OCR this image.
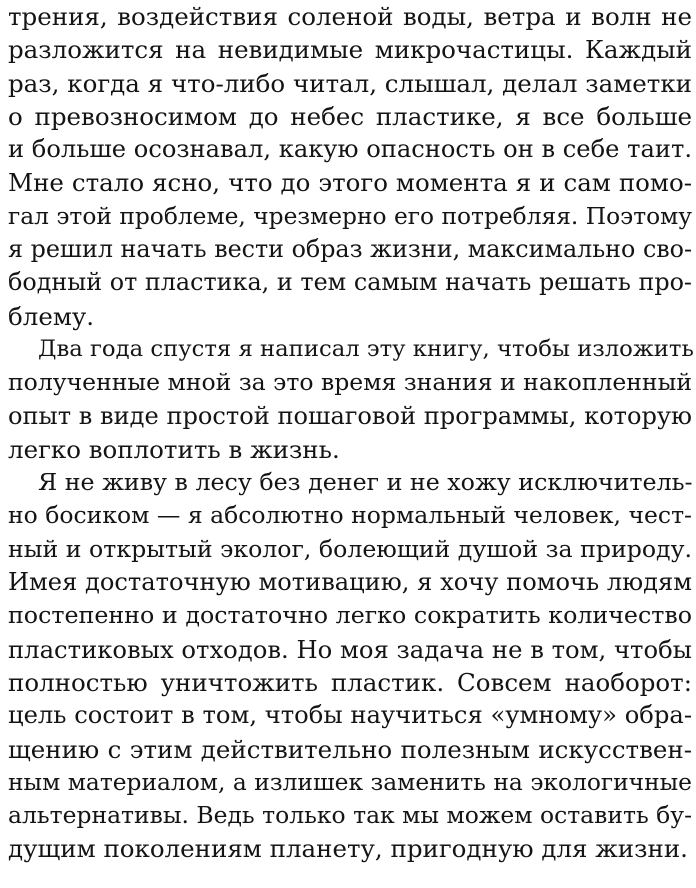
трения, воздействия соленой воды, ветра и волн не
разложится на невидимые микрочастицы. Каждый
раз, когда я что-либо читал, слышал, делал заметки
о превозносимом до небес пластике, я все больше
и больше осознавал, какую опасность он в себе таит.
Мне стало ясно, что до этого момента я и сам помо-
гал этой проблеме, чрезмерно его потребляя. Поэтому
я решил начать вести образ жизни, максимально сво-
бодный от пластика, и тем самым начать решать про-
блему.
Два года спустя я написал эту книгу, чтобы изложить
полученные мной за это время знания и накопленный
опыт в виде простой пошаговой программы, которую
легко воплотить в жизнь.
Я не живу в лесу без денег и не хожу исключитель-
но босиком — я абсолютно нормальный человек, чест-
ный и открытый эколог, болеющий душой за природу.
Имея достаточную мотивацию, я хочу помочь людям
постепенно и достаточно легко сократить количество
пластиковых отходов. Но моя задача не в том, чтобы
полностью уничтожить пластик. Совсем наоборот:
цель состоит в том, чтобы научиться «умному» обра-
щению с этим действительно полезным искусствен-
ным материалом, а излишек заменить на экологичные
альтернативы. Ведь только так мы можем оставить бу-
дущим поколениям планету, пригодную для жизни.
